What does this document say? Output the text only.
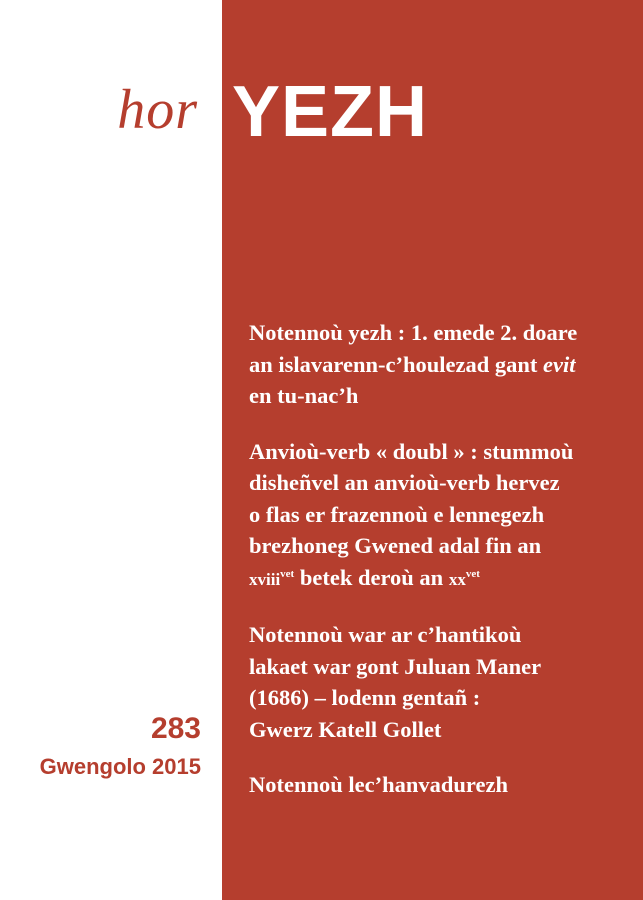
hor
283
Gwengolo 2015
YEZH
Notennoù yezh : 1. emede 2. doare
an islavarenn-c’houlezad gant evit
en tu-nac’h
Anvioù-verb « doubl » : stummoù
disheñvel an anvioù-verb hervez
o flas er frazennoù e lennegezh
brezhoneg Gwened adal fin an
xviii$^{vet}$ betek deroù an $xx^{vet}$
Notennoù war ar c’hantikoù
lakaet war gont Juluan Maner
(1686) – lodenn gentañ :
Gwerz Katell Gollet
Notennoù lec’hanvadurezh
